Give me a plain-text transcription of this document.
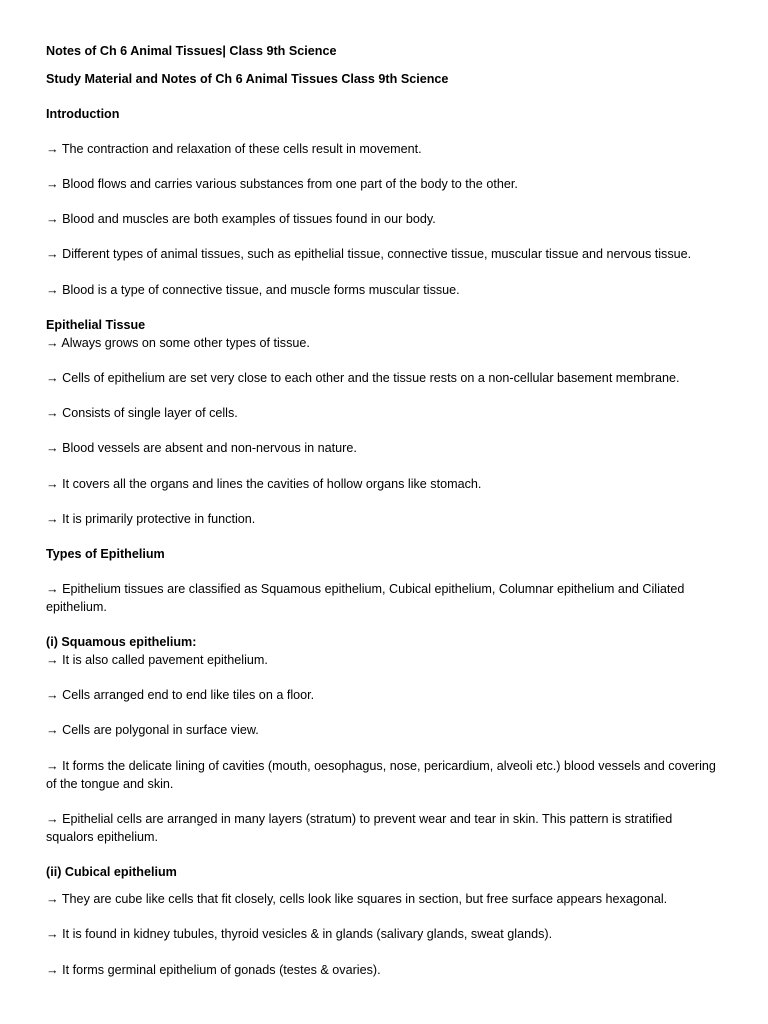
Notes of Ch 6 Animal Tissues| Class 9th Science
Study Material and Notes of Ch 6 Animal Tissues Class 9th Science
Introduction
→ The contraction and relaxation of these cells result in movement.
→ Blood flows and carries various substances from one part of the body to the other.
→ Blood and muscles are both examples of tissues found in our body.
→ Different types of animal tissues, such as epithelial tissue, connective tissue, muscular tissue and nervous tissue.
→ Blood is a type of connective tissue, and muscle forms muscular tissue.
Epithelial Tissue
→ Always grows on some other types of tissue.
→ Cells of epithelium are set very close to each other and the tissue rests on a non-cellular basement membrane.
→ Consists of single layer of cells.
→ Blood vessels are absent and non-nervous in nature.
→ It covers all the organs and lines the cavities of hollow organs like stomach.
→ It is primarily protective in function.
Types of Epithelium
→ Epithelium tissues are classified as Squamous epithelium, Cubical epithelium, Columnar epithelium and Ciliated epithelium.
(i) Squamous epithelium:
→ It is also called pavement epithelium.
→ Cells arranged end to end like tiles on a floor.
→ Cells are polygonal in surface view.
→ It forms the delicate lining of cavities (mouth, oesophagus, nose, pericardium, alveoli etc.) blood vessels and covering of the tongue and skin.
→ Epithelial cells are arranged in many layers (stratum) to prevent wear and tear in skin. This pattern is stratified squalors epithelium.
(ii) Cubical epithelium
→ They are cube like cells that fit closely, cells look like squares in section, but free surface appears hexagonal.
→ It is found in kidney tubules, thyroid vesicles & in glands (salivary glands, sweat glands).
→ It forms germinal epithelium of gonads (testes & ovaries).
